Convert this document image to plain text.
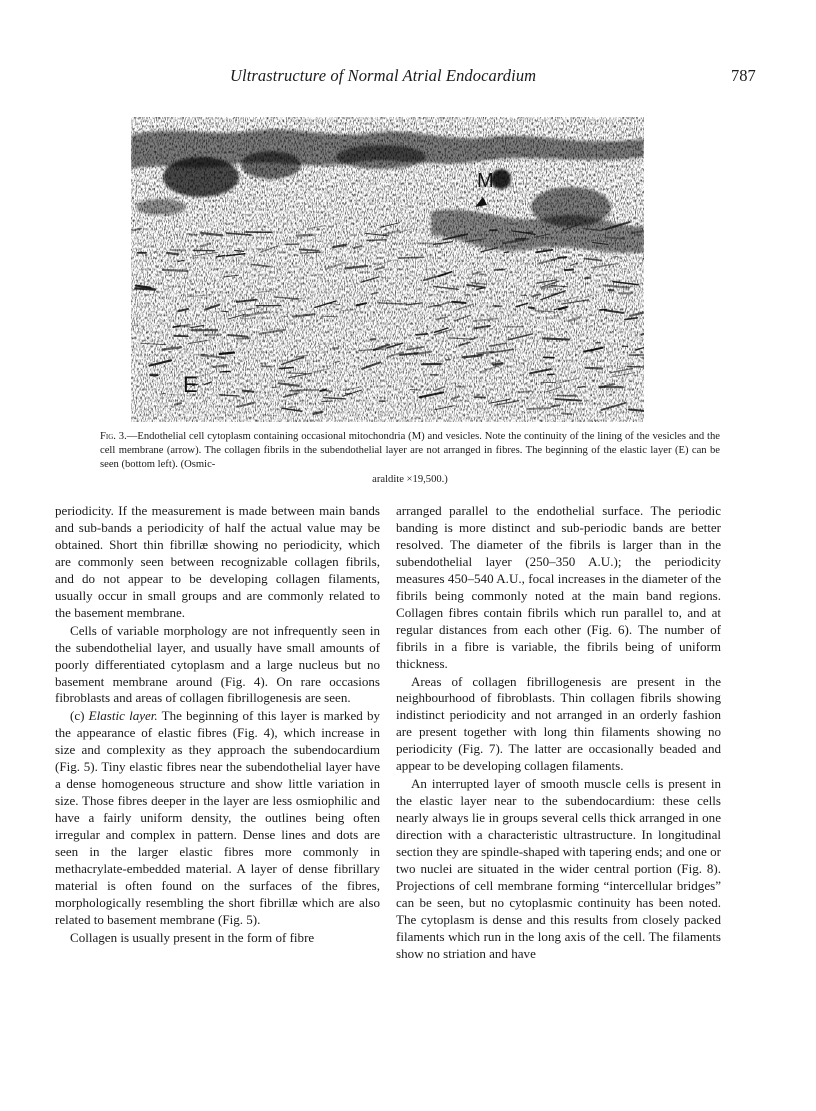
Ultrastructure of Normal Atrial Endocardium	787
M
E
Fig. 3.—Endothelial cell cytoplasm containing occasional mitochondria (M) and vesicles. Note the continuity of the lining of the vesicles and the cell membrane (arrow). The collagen fibrils in the subendothelial layer are not arranged in fibres. The beginning of the elastic layer (E) can be seen (bottom left). (Osmic-
araldite ×19,500.)

periodicity. If the measurement is made between main bands and sub-bands a periodicity of half the actual value may be obtained. Short thin fibrillæ showing no periodicity, which are commonly seen between recognizable collagen fibrils, and do not appear to be developing collagen filaments, usually occur in small groups and are commonly related to the basement membrane.

Cells of variable morphology are not infrequently seen in the subendothelial layer, and usually have small amounts of poorly differentiated cytoplasm and a large nucleus but no basement membrane around (Fig. 4). On rare occasions fibroblasts and areas of collagen fibrillogenesis are seen.

(c) Elastic layer. The beginning of this layer is marked by the appearance of elastic fibres (Fig. 4), which increase in size and complexity as they approach the subendocardium (Fig. 5). Tiny elastic fibres near the subendothelial layer have a dense homogeneous structure and show little variation in size. Those fibres deeper in the layer are less osmiophilic and have a fairly uniform density, the outlines being often irregular and complex in pattern. Dense lines and dots are seen in the larger elastic fibres more commonly in methacrylate-embedded material. A layer of dense fibrillary material is often found on the surfaces of the fibres, morphologically resembling the short fibrillæ which are also related to basement membrane (Fig. 5).

Collagen is usually present in the form of fibre

arranged parallel to the endothelial surface. The periodic banding is more distinct and sub-periodic bands are better resolved. The diameter of the fibrils is larger than in the subendothelial layer (250–350 A.U.); the periodicity measures 450–540 A.U., focal increases in the diameter of the fibrils being commonly noted at the main band regions. Collagen fibres contain fibrils which run parallel to, and at regular distances from each other (Fig. 6). The number of fibrils in a fibre is variable, the fibrils being of uniform thickness.

Areas of collagen fibrillogenesis are present in the neighbourhood of fibroblasts. Thin collagen fibrils showing indistinct periodicity and not arranged in an orderly fashion are present together with long thin filaments showing no periodicity (Fig. 7). The latter are occasionally beaded and appear to be developing collagen filaments.

An interrupted layer of smooth muscle cells is present in the elastic layer near to the subendocardium: these cells nearly always lie in groups several cells thick arranged in one direction with a characteristic ultrastructure. In longitudinal section they are spindle-shaped with tapering ends; and one or two nuclei are situated in the wider central portion (Fig. 8). Projections of cell membrane forming “intercellular bridges” can be seen, but no cytoplasmic continuity has been noted. The cytoplasm is dense and this results from closely packed filaments which run in the long axis of the cell. The filaments show no striation and have
